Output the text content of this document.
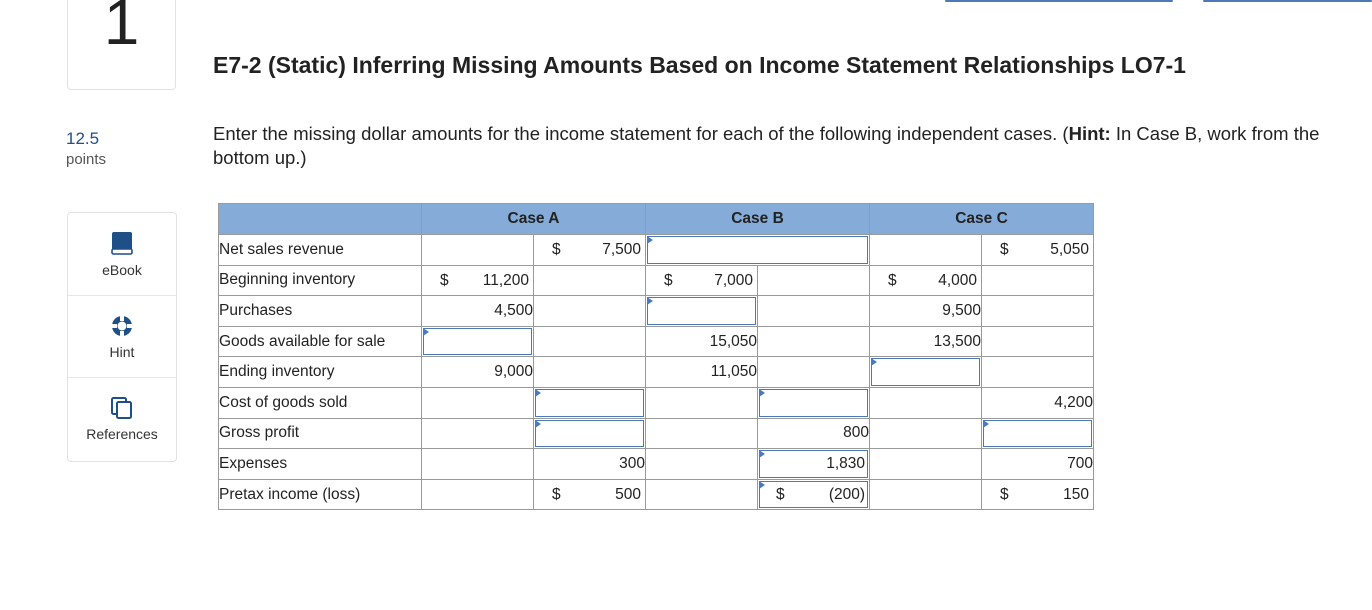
1
12.5
points
eBook
Hint
References
E7-2 (Static) Inferring Missing Amounts Based on Income Statement Relationships LO7-1
Enter the missing dollar amounts for the income statement for each of the following independent cases. (Hint: In Case B, work from the bottom up.)
	Case A		Case B		Case C	
Net sales revenue		$ 7,500				$ 5,050

Beginning inventory	$ 11,200		$ 7,000		$ 4,000	

Purchases	4,500				9,500	
Goods available for sale			15,050		13,500	
Ending inventory	9,000		11,050		

Cost of goods sold						4,200
Gross profit				800		

Expenses		300		1,830		700
Pretax income (loss)		$ 500		$ (200)		$ 150
